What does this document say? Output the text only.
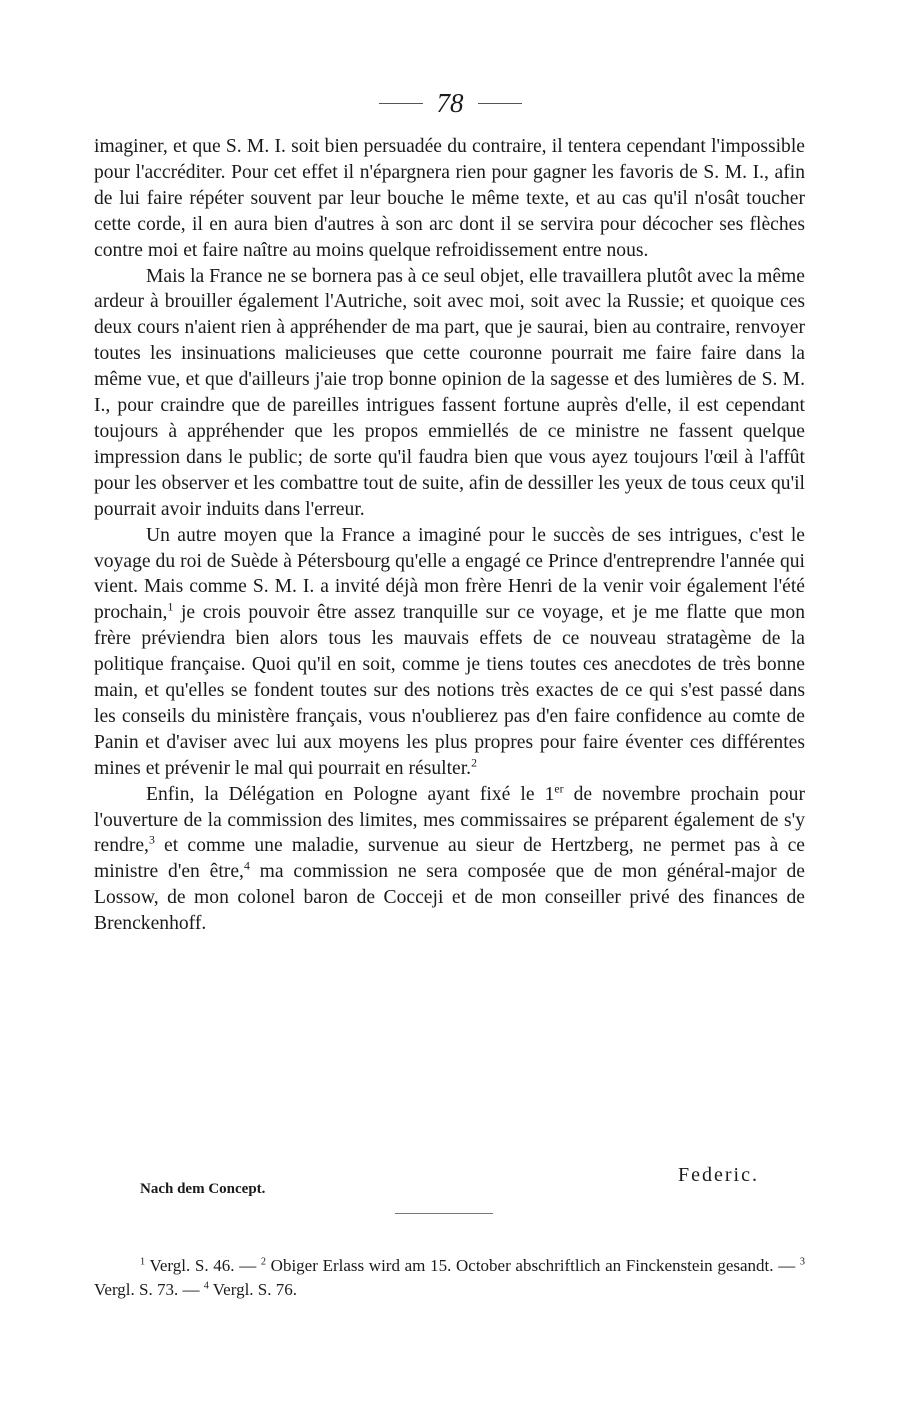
78

imaginer, et que S. M. I. soit bien persuadée du contraire, il tentera cependant l'impossible pour l'accréditer. Pour cet effet il n'épargnera rien pour gagner les favoris de S. M. I., afin de lui faire répéter souvent par leur bouche le même texte, et au cas qu'il n'osât toucher cette corde, il en aura bien d'autres à son arc dont il se servira pour décocher ses flèches contre moi et faire naître au moins quelque refroidissement entre nous.

Mais la France ne se bornera pas à ce seul objet, elle travaillera plutôt avec la même ardeur à brouiller également l'Autriche, soit avec moi, soit avec la Russie; et quoique ces deux cours n'aient rien à appréhender de ma part, que je saurai, bien au contraire, renvoyer toutes les insinuations malicieuses que cette couronne pourrait me faire faire dans la même vue, et que d'ailleurs j'aie trop bonne opinion de la sagesse et des lumières de S. M. I., pour craindre que de pareilles intrigues fassent fortune auprès d'elle, il est cependant toujours à appréhender que les propos emmiellés de ce ministre ne fassent quelque impression dans le public; de sorte qu'il faudra bien que vous ayez toujours l'œil à l'affût pour les observer et les combattre tout de suite, afin de dessiller les yeux de tous ceux qu'il pourrait avoir induits dans l'erreur.

Un autre moyen que la France a imaginé pour le succès de ses intrigues, c'est le voyage du roi de Suède à Pétersbourg qu'elle a engagé ce Prince d'entreprendre l'année qui vient. Mais comme S. M. I. a invité déjà mon frère Henri de la venir voir également l'été prochain,$^1$ je crois pouvoir être assez tranquille sur ce voyage, et je me flatte que mon frère préviendra bien alors tous les mauvais effets de ce nouveau stratagème de la politique française. Quoi qu'il en soit, comme je tiens toutes ces anecdotes de très bonne main, et qu'elles se fondent toutes sur des notions très exactes de ce qui s'est passé dans les conseils du ministère français, vous n'oublierez pas d'en faire confidence au comte de Panin et d'aviser avec lui aux moyens les plus propres pour faire éventer ces différentes mines et prévenir le mal qui pourrait en résulter.$^2$

Enfin, la Délégation en Pologne ayant fixé le 1er de novembre prochain pour l'ouverture de la commission des limites, mes commissaires se préparent également de s'y rendre,$^3$ et comme une maladie, survenue au sieur de Hertzberg, ne permet pas à ce ministre d'en être,$^4$ ma commission ne sera composée que de mon général-major de Lossow, de mon colonel baron de Cocceji et de mon conseiller privé des finances de Brenckenhoff.

Federic.
Nach dem Concept.
$^1$ Vergl. S. 46. — $^2$ Obiger Erlass wird am 15. October abschriftlich an Finckenstein gesandt. — $^3$ Vergl. S. 73. — $^4$ Vergl. S. 76.
